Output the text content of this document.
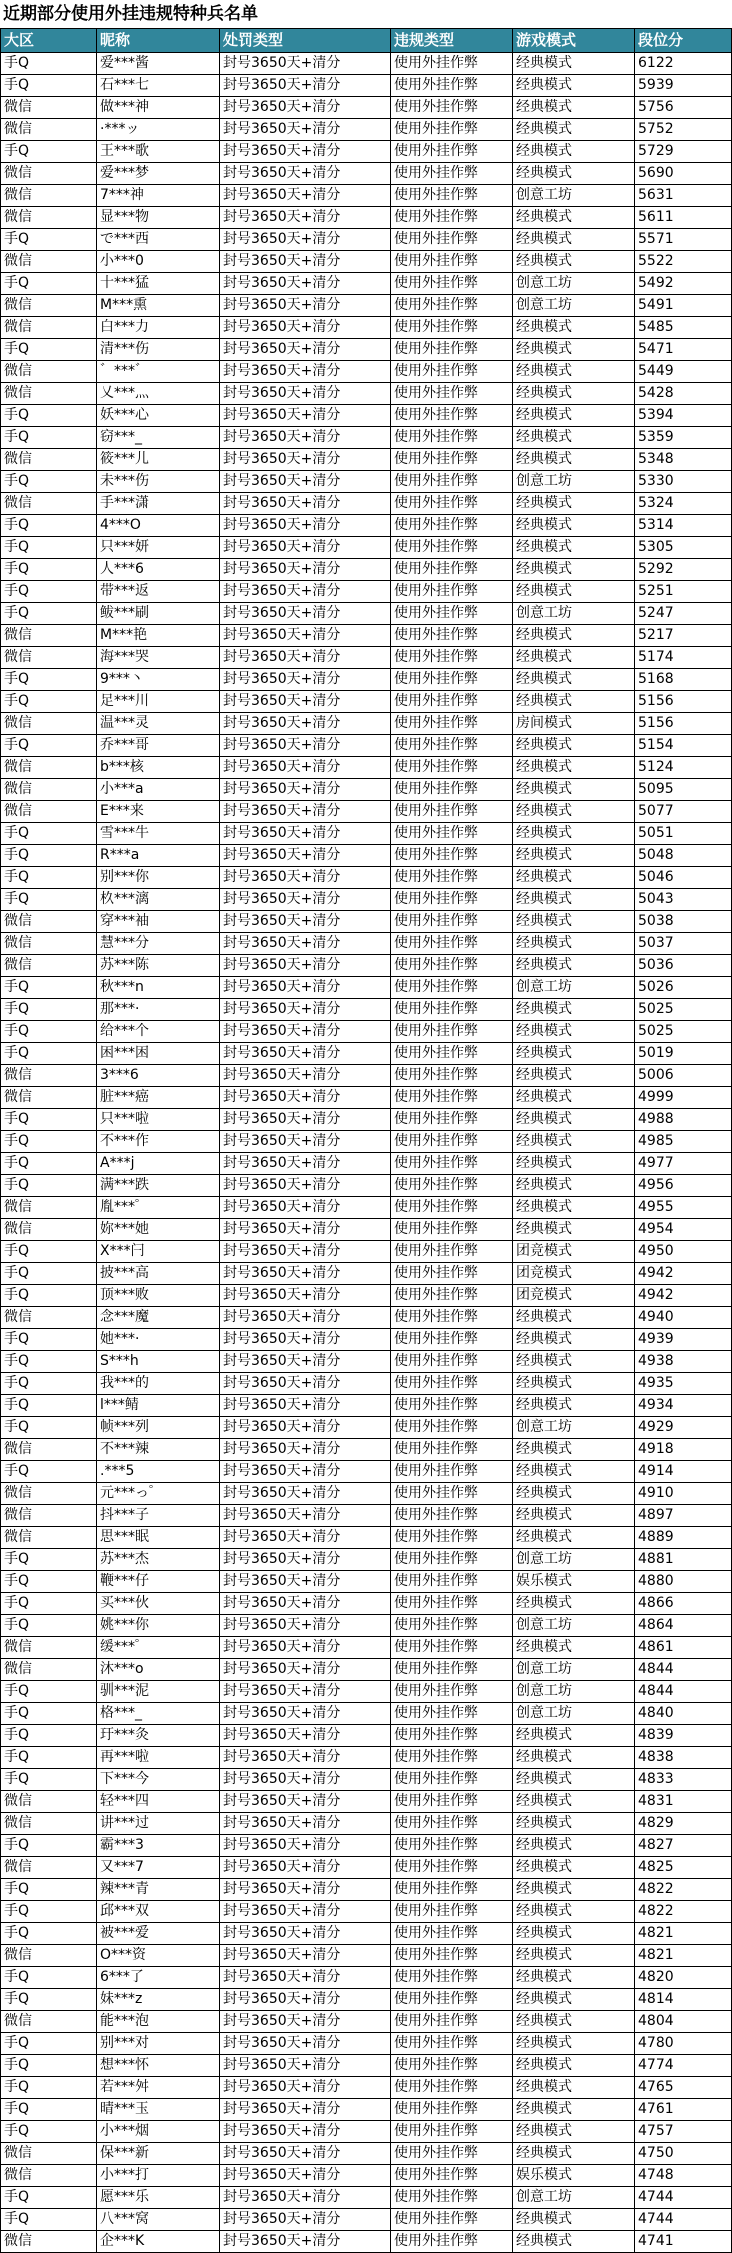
近期部分使用外挂违规特种兵名单
大区	昵称	处罚类型	违规类型	游戏模式	段位分
手Q	爱***酱	封号3650天+清分	使用外挂作弊	经典模式	6122
手Q	石***七	封号3650天+清分	使用外挂作弊	经典模式	5939
微信	做***神	封号3650天+清分	使用外挂作弊	经典模式	5756
微信	·***ッ	封号3650天+清分	使用外挂作弊	经典模式	5752
手Q	王***歌	封号3650天+清分	使用外挂作弊	经典模式	5729
微信	爱***梦	封号3650天+清分	使用外挂作弊	经典模式	5690
微信	7***神	封号3650天+清分	使用外挂作弊	创意工坊	5631
微信	显***物	封号3650天+清分	使用外挂作弊	经典模式	5611
手Q	で***西	封号3650天+清分	使用外挂作弊	经典模式	5571
微信	小***0	封号3650天+清分	使用外挂作弊	经典模式	5522
手Q	十***猛	封号3650天+清分	使用外挂作弊	创意工坊	5492
微信	M***熏	封号3650天+清分	使用外挂作弊	创意工坊	5491
微信	白***力	封号3650天+清分	使用外挂作弊	经典模式	5485
手Q	清***伤	封号3650天+清分	使用外挂作弊	经典模式	5471
微信	゛***゛	封号3650天+清分	使用外挂作弊	经典模式	5449
微信	乂***灬	封号3650天+清分	使用外挂作弊	经典模式	5428
手Q	妖***心	封号3650天+清分	使用外挂作弊	经典模式	5394
手Q	窃***_	封号3650天+清分	使用外挂作弊	经典模式	5359
微信	筱***儿	封号3650天+清分	使用外挂作弊	经典模式	5348
手Q	未***伤	封号3650天+清分	使用外挂作弊	创意工坊	5330
微信	手***潇	封号3650天+清分	使用外挂作弊	经典模式	5324
手Q	4***O	封号3650天+清分	使用外挂作弊	经典模式	5314
手Q	只***妍	封号3650天+清分	使用外挂作弊	经典模式	5305
手Q	人***6	封号3650天+清分	使用外挂作弊	经典模式	5292
手Q	带***返	封号3650天+清分	使用外挂作弊	经典模式	5251
手Q	鲅***刷	封号3650天+清分	使用外挂作弊	创意工坊	5247
微信	M***艳	封号3650天+清分	使用外挂作弊	经典模式	5217
微信	海***哭	封号3650天+清分	使用外挂作弊	经典模式	5174
手Q	9***丶	封号3650天+清分	使用外挂作弊	经典模式	5168
手Q	足***川	封号3650天+清分	使用外挂作弊	经典模式	5156
微信	温***灵	封号3650天+清分	使用外挂作弊	房间模式	5156
手Q	乔***哥	封号3650天+清分	使用外挂作弊	经典模式	5154
微信	b***核	封号3650天+清分	使用外挂作弊	经典模式	5124
微信	小***a	封号3650天+清分	使用外挂作弊	经典模式	5095
微信	E***来	封号3650天+清分	使用外挂作弊	经典模式	5077
手Q	雪***牛	封号3650天+清分	使用外挂作弊	经典模式	5051
手Q	R***a	封号3650天+清分	使用外挂作弊	经典模式	5048
手Q	别***你	封号3650天+清分	使用外挂作弊	经典模式	5046
手Q	杦***漓	封号3650天+清分	使用外挂作弊	经典模式	5043
微信	穿***袖	封号3650天+清分	使用外挂作弊	经典模式	5038
微信	慧***分	封号3650天+清分	使用外挂作弊	经典模式	5037
微信	苏***陈	封号3650天+清分	使用外挂作弊	经典模式	5036
手Q	秋***n	封号3650天+清分	使用外挂作弊	创意工坊	5026
手Q	那***·	封号3650天+清分	使用外挂作弊	经典模式	5025
手Q	给***个	封号3650天+清分	使用外挂作弊	经典模式	5025
手Q	困***困	封号3650天+清分	使用外挂作弊	经典模式	5019
微信	3***6	封号3650天+清分	使用外挂作弊	经典模式	5006
微信	脏***癌	封号3650天+清分	使用外挂作弊	经典模式	4999
手Q	只***啦	封号3650天+清分	使用外挂作弊	经典模式	4988
手Q	不***作	封号3650天+清分	使用外挂作弊	经典模式	4985
手Q	A***j	封号3650天+清分	使用外挂作弊	经典模式	4977
手Q	满***跌	封号3650天+清分	使用外挂作弊	经典模式	4956
微信	胤***゜	封号3650天+清分	使用外挂作弊	经典模式	4955
微信	妳***她	封号3650天+清分	使用外挂作弊	经典模式	4954
手Q	X***闩	封号3650天+清分	使用外挂作弊	团竞模式	4950
手Q	披***高	封号3650天+清分	使用外挂作弊	团竞模式	4942
手Q	顶***败	封号3650天+清分	使用外挂作弊	团竞模式	4942
微信	念***魔	封号3650天+清分	使用外挂作弊	经典模式	4940
手Q	她***·	封号3650天+清分	使用外挂作弊	经典模式	4939
手Q	S***h	封号3650天+清分	使用外挂作弊	经典模式	4938
手Q	我***的	封号3650天+清分	使用外挂作弊	经典模式	4935
手Q	l***鲭	封号3650天+清分	使用外挂作弊	经典模式	4934
手Q	帧***列	封号3650天+清分	使用外挂作弊	创意工坊	4929
微信	不***辣	封号3650天+清分	使用外挂作弊	经典模式	4918
手Q	.***5	封号3650天+清分	使用外挂作弊	经典模式	4914
微信	元***っ゜	封号3650天+清分	使用外挂作弊	经典模式	4910
微信	抖***子	封号3650天+清分	使用外挂作弊	经典模式	4897
微信	思***眠	封号3650天+清分	使用外挂作弊	经典模式	4889
手Q	苏***杰	封号3650天+清分	使用外挂作弊	创意工坊	4881
手Q	鞭***仔	封号3650天+清分	使用外挂作弊	娱乐模式	4880
手Q	买***伙	封号3650天+清分	使用外挂作弊	经典模式	4866
手Q	姚***你	封号3650天+清分	使用外挂作弊	创意工坊	4864
微信	缓***゜	封号3650天+清分	使用外挂作弊	经典模式	4861
微信	沐***o	封号3650天+清分	使用外挂作弊	创意工坊	4844
手Q	驯***泥	封号3650天+清分	使用外挂作弊	创意工坊	4844
手Q	格***_	封号3650天+清分	使用外挂作弊	创意工坊	4840
手Q	玗***灸	封号3650天+清分	使用外挂作弊	经典模式	4839
手Q	再***啦	封号3650天+清分	使用外挂作弊	经典模式	4838
手Q	下***今	封号3650天+清分	使用外挂作弊	经典模式	4833
微信	轻***四	封号3650天+清分	使用外挂作弊	经典模式	4831
微信	讲***过	封号3650天+清分	使用外挂作弊	经典模式	4829
手Q	霸***3	封号3650天+清分	使用外挂作弊	经典模式	4827
微信	又***7	封号3650天+清分	使用外挂作弊	经典模式	4825
手Q	辣***青	封号3650天+清分	使用外挂作弊	经典模式	4822
手Q	邱***双	封号3650天+清分	使用外挂作弊	经典模式	4822
手Q	被***爱	封号3650天+清分	使用外挂作弊	经典模式	4821
微信	O***资	封号3650天+清分	使用外挂作弊	经典模式	4821
手Q	6***了	封号3650天+清分	使用外挂作弊	经典模式	4820
手Q	妹***z	封号3650天+清分	使用外挂作弊	经典模式	4814
微信	能***泡	封号3650天+清分	使用外挂作弊	经典模式	4804
手Q	别***对	封号3650天+清分	使用外挂作弊	经典模式	4780
手Q	想***怀	封号3650天+清分	使用外挂作弊	经典模式	4774
手Q	若***舛	封号3650天+清分	使用外挂作弊	经典模式	4765
手Q	晴***玉	封号3650天+清分	使用外挂作弊	经典模式	4761
手Q	小***烟	封号3650天+清分	使用外挂作弊	经典模式	4757
微信	保***新	封号3650天+清分	使用外挂作弊	经典模式	4750
微信	小***打	封号3650天+清分	使用外挂作弊	娱乐模式	4748
手Q	愿***乐	封号3650天+清分	使用外挂作弊	创意工坊	4744
手Q	八***窝	封号3650天+清分	使用外挂作弊	经典模式	4744
微信	企***K	封号3650天+清分	使用外挂作弊	经典模式	4741
